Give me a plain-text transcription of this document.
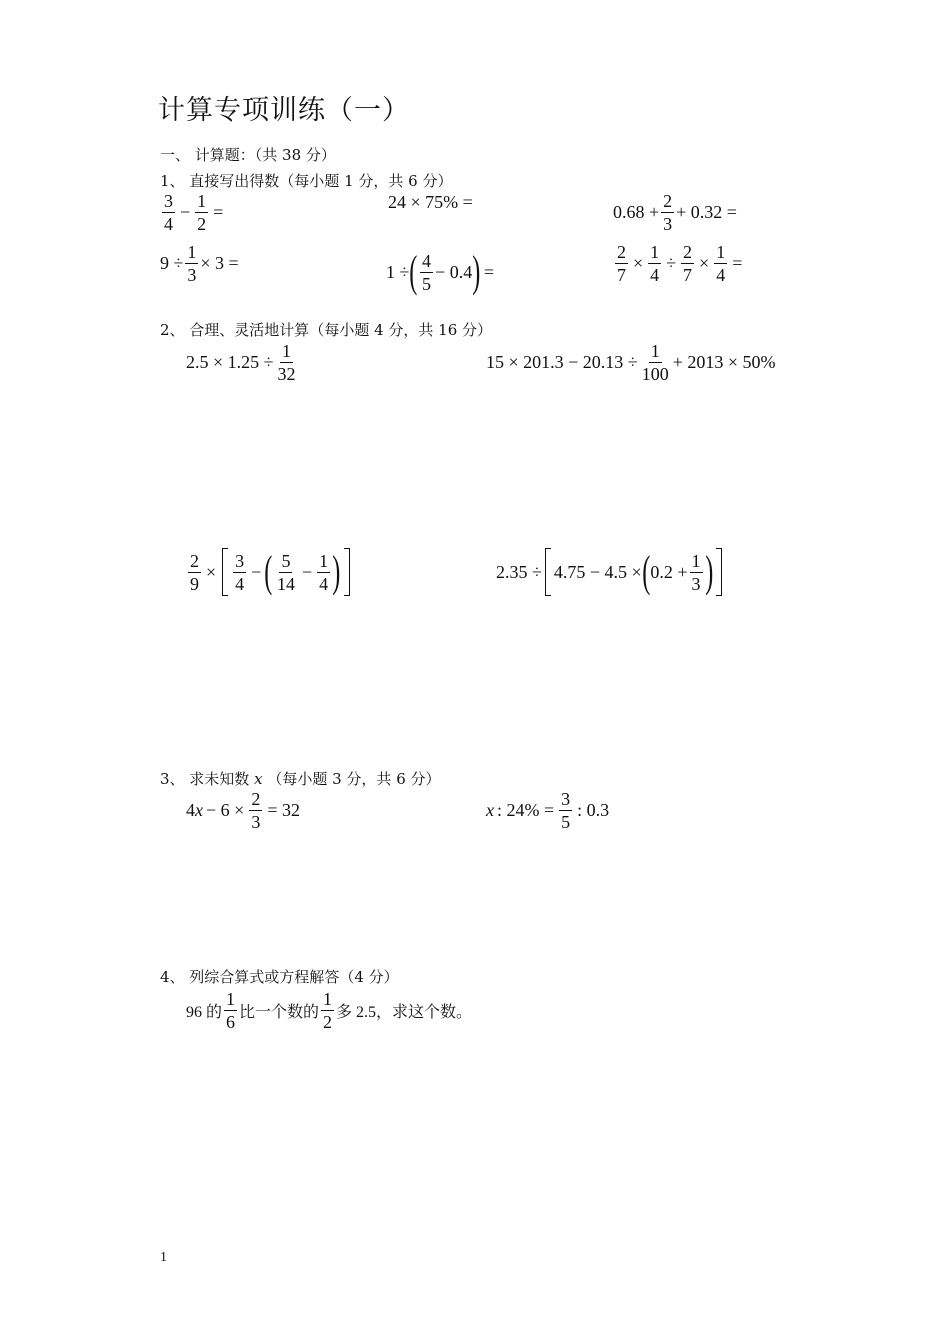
计算专项训练（一）
一、 计算题：（共 38 分）
1、 直接写出得数（每小题 1 分，共 6 分）
$\frac{3}{4} - \frac{1}{2}$ =	24 × 75% =	$0.68 + \frac{2}{3} + 0.32$ =
$9 \div \frac{1}{3} \times 3$ =	1 ÷ ( $\frac{4}{5} - 0.4$ ) =	$\frac{2}{7} \times \frac{1}{4} \div \frac{2}{7} \times \frac{1}{4}$ =
2、 合理、灵活地计算（每小题 4 分，共 16 分）
$2.5 \times 1.25 \div \frac{1}{32}$	$15 \times 201.3 - 20.13 \div \frac{1}{100} + 2013 \times 50\%$
$\frac{2}{9} \times \frac{3}{4}$ − ( $\frac{5}{14} - \frac{1}{4}$ )	2.35 ÷ 4.75 − 4.5 × ( $0.2 + \frac{1}{3}$ )
3、 求未知数 x （每小题 3 分，共 6 分）
4 $x - 6 \times \frac{2}{3} = 32$	x : $24\% = \frac{3}{5}$ : 0.3
4、 列综合算式或方程解答（4 分）
96 的 $\frac{1}{6}$ 比一个数的 $\frac{1}{2}$ 多 2.5，求这个数。
1
